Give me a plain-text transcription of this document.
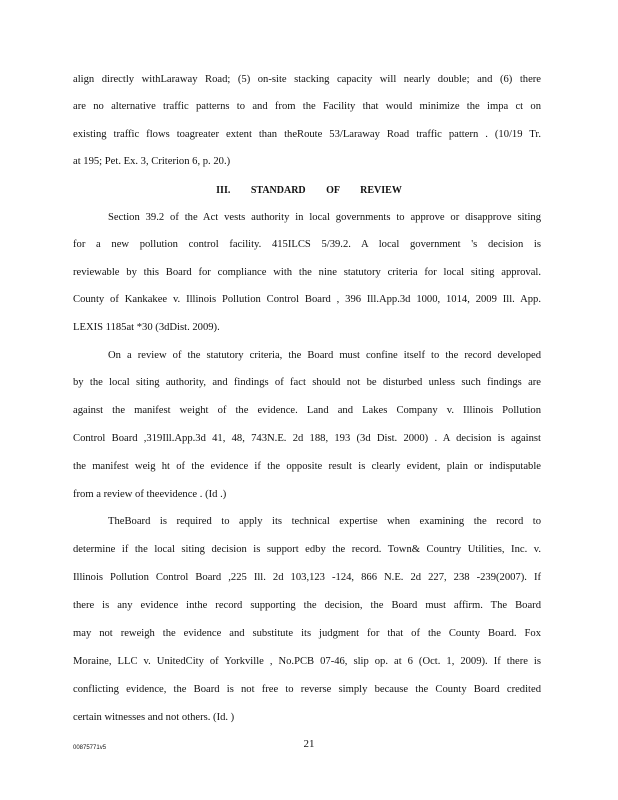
align directly withLaraway Road; (5) on-site stacking capacity will nearly double; and (6) there
are no alternative traffic patterns to and from the Facility that would minimize the impa ct on
existing traffic flows toagreater extent than theRoute 53/Laraway Road traffic pattern . (10/19 Tr.
at 195; Pet. Ex. 3, Criterion 6, p. 20.)
III. STANDARD OF REVIEW
Section 39.2 of the Act vests authority in local governments to approve or disapprove siting
for a new pollution control facility. 415ILCS 5/39.2. A local government 's decision is
reviewable by this Board for compliance with the nine statutory criteria for local siting approval.
County of Kankakee v. Illinois Pollution Control Board , 396 Ill.App.3d 1000, 1014, 2009 Ill. App.
LEXIS 1185at *30 (3dDist. 2009).
On a review of the statutory criteria, the Board must confine itself to the record developed
by the local siting authority, and findings of fact should not be disturbed unless such findings are
against the manifest weight of the evidence. Land and Lakes Company v. Illinois Pollution
Control Board ,319Ill.App.3d 41, 48, 743N.E. 2d 188, 193 (3d Dist. 2000) . A decision is against
the manifest weig ht of the evidence if the opposite result is clearly evident, plain or indisputable
from a review of theevidence . (Id .)
TheBoard is required to apply its technical expertise when examining the record to
determine if the local siting decision is support edby the record. Town& Country Utilities, Inc. v.
Illinois Pollution Control Board ,225 Ill. 2d 103,123 -124, 866 N.E. 2d 227, 238 -239(2007). If
there is any evidence inthe record supporting the decision, the Board must affirm. The Board
may not reweigh the evidence and substitute its judgment for that of the County Board. Fox
Moraine, LLC v. UnitedCity of Yorkville , No.PCB 07-46, slip op. at 6 (Oct. 1, 2009). If there is
conflicting evidence, the Board is not free to reverse simply because the County Board credited
certain witnesses and not others. (Id. )
00875771v5	21
